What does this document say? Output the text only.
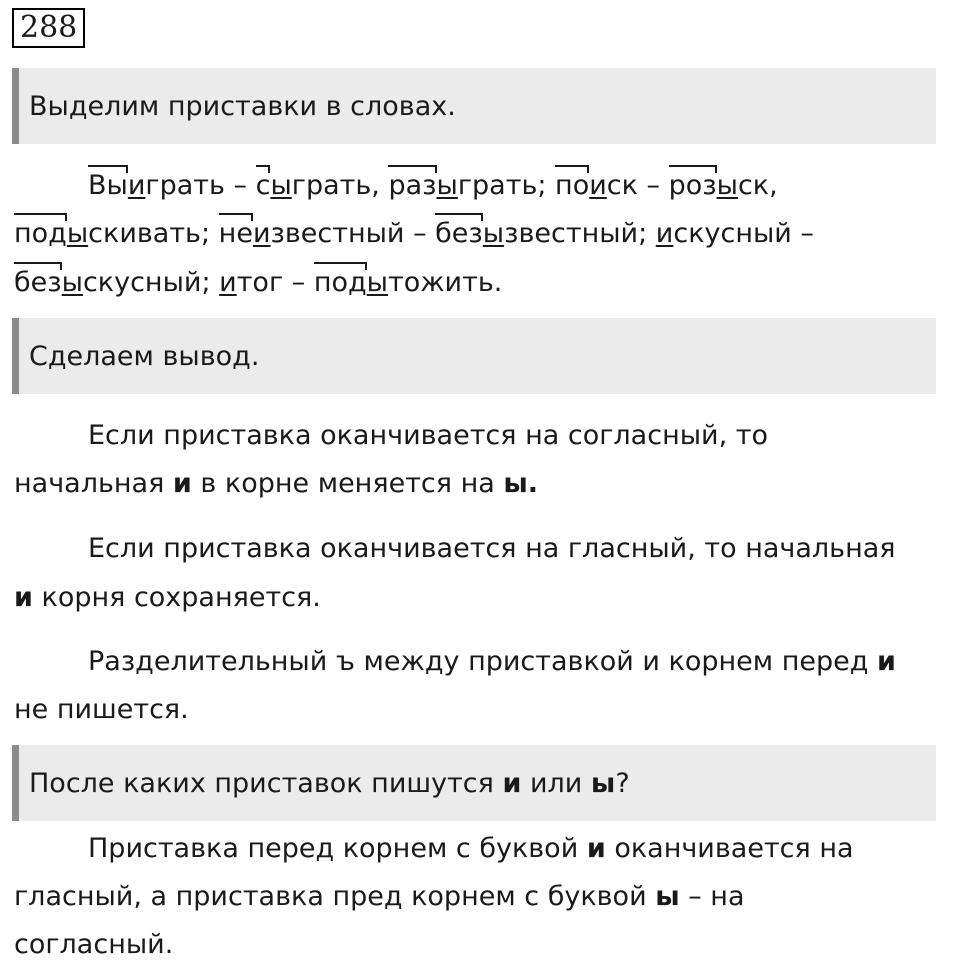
288
Выделим приставки в словах.
Вы
играть – с
ыграть, раз
ыграть; по
иск – роз
ыск,
под
ыскивать; не
известный – без
ызвестный; искусный –
без
ыскусный; итог – под
ытожить.
Сделаем вывод.
Если приставка оканчивается на согласный, то
начальная и в корне меняется на ы.
Если приставка оканчивается на гласный, то начальная
и корня сохраняется.
Разделительный ъ между приставкой и корнем перед и
не пишется.
После каких приставок пишутся и или ы?
Приставка перед корнем с буквой и оканчивается на
гласный, а приставка пред корнем с буквой ы – на
согласный.
